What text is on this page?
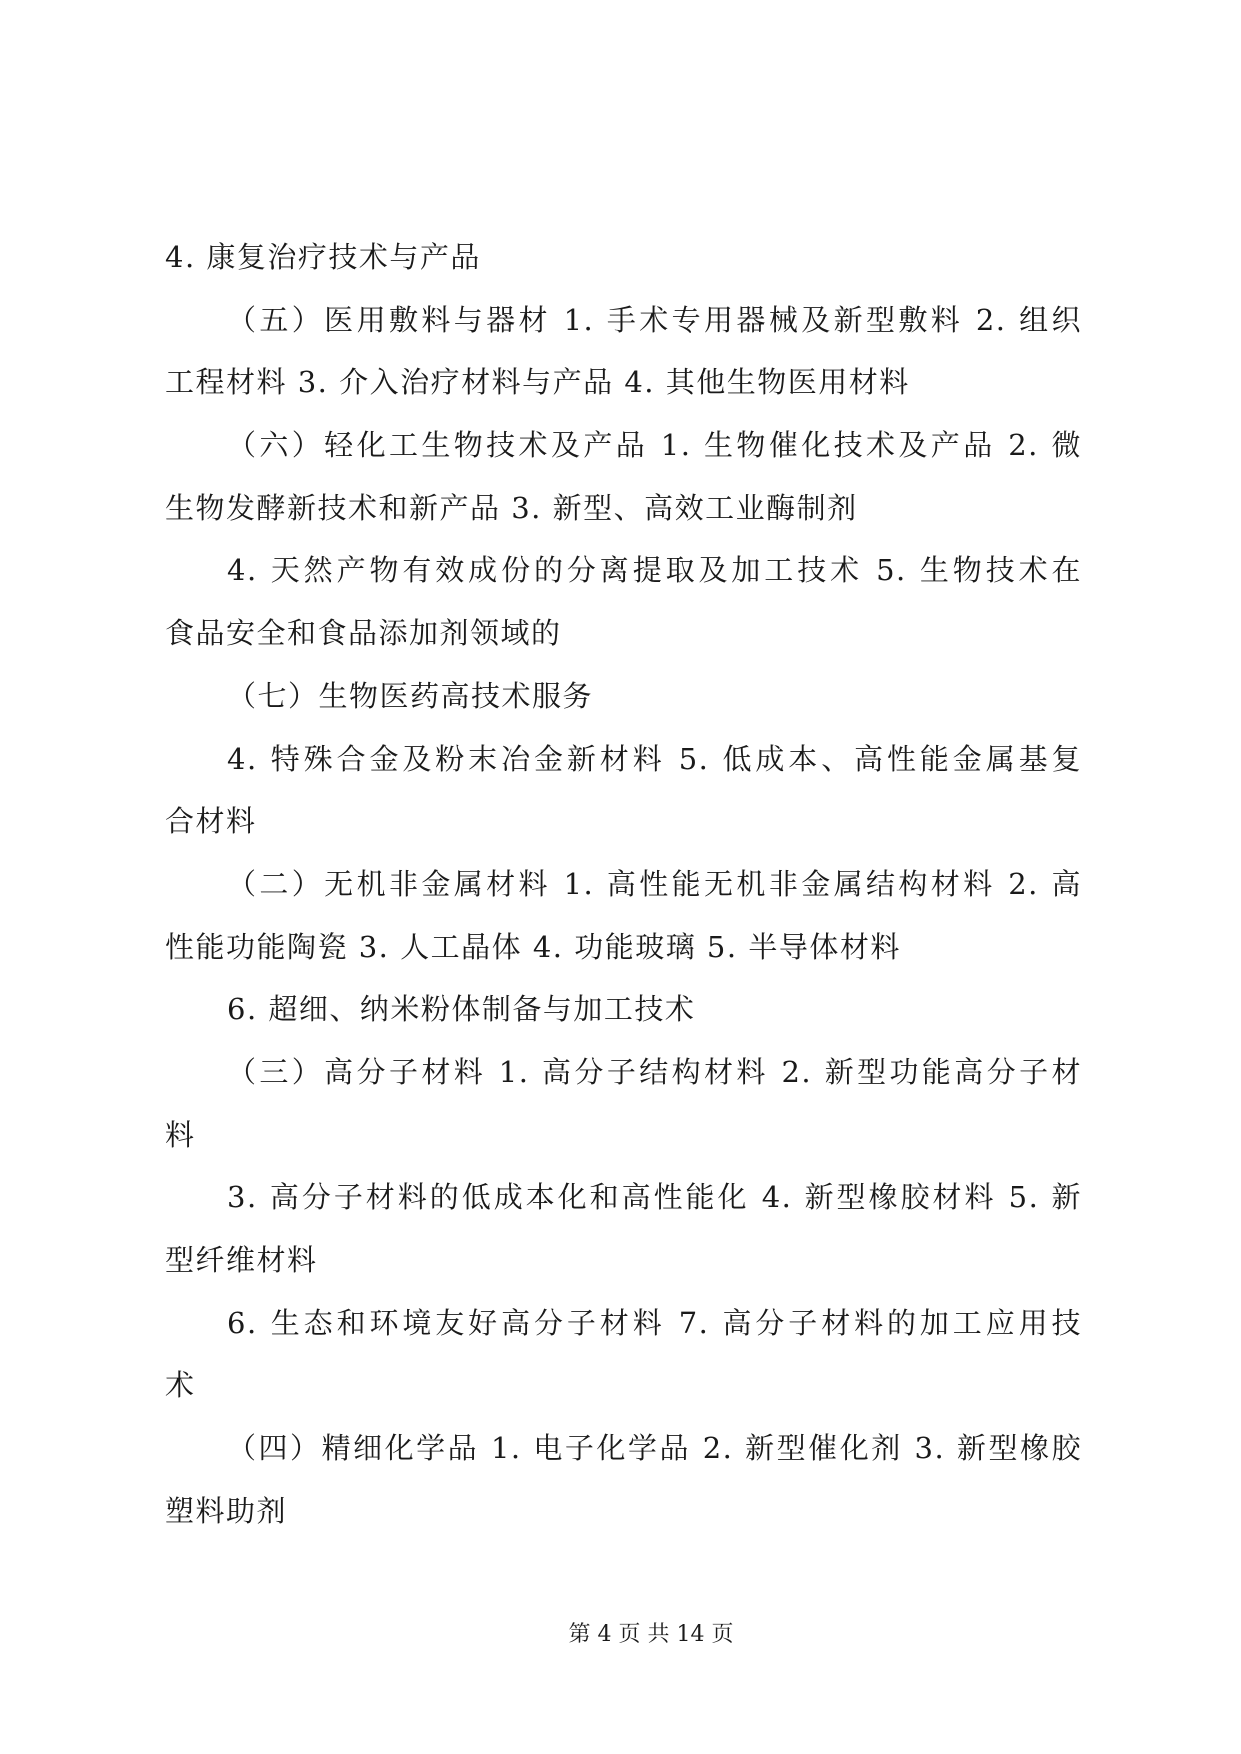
4. 康复治疗技术与产品
（五）医用敷料与器材 1. 手术专用器械及新型敷料 2. 组织
工程材料 3. 介入治疗材料与产品 4. 其他生物医用材料
（六）轻化工生物技术及产品 1. 生物催化技术及产品 2. 微
生物发酵新技术和新产品 3. 新型、高效工业酶制剂
4. 天然产物有效成份的分离提取及加工技术 5. 生物技术在
食品安全和食品添加剂领域的
（七）生物医药高技术服务
4. 特殊合金及粉末冶金新材料 5. 低成本、高性能金属基复
合材料
（二）无机非金属材料 1. 高性能无机非金属结构材料 2. 高
性能功能陶瓷 3. 人工晶体 4. 功能玻璃 5. 半导体材料
6. 超细、纳米粉体制备与加工技术
（三）高分子材料 1. 高分子结构材料 2. 新型功能高分子材
料
3. 高分子材料的低成本化和高性能化 4. 新型橡胶材料 5. 新
型纤维材料
6. 生态和环境友好高分子材料 7. 高分子材料的加工应用技
术
（四）精细化学品 1. 电子化学品 2. 新型催化剂 3. 新型橡胶
塑料助剂
第 4 页 共 14 页
